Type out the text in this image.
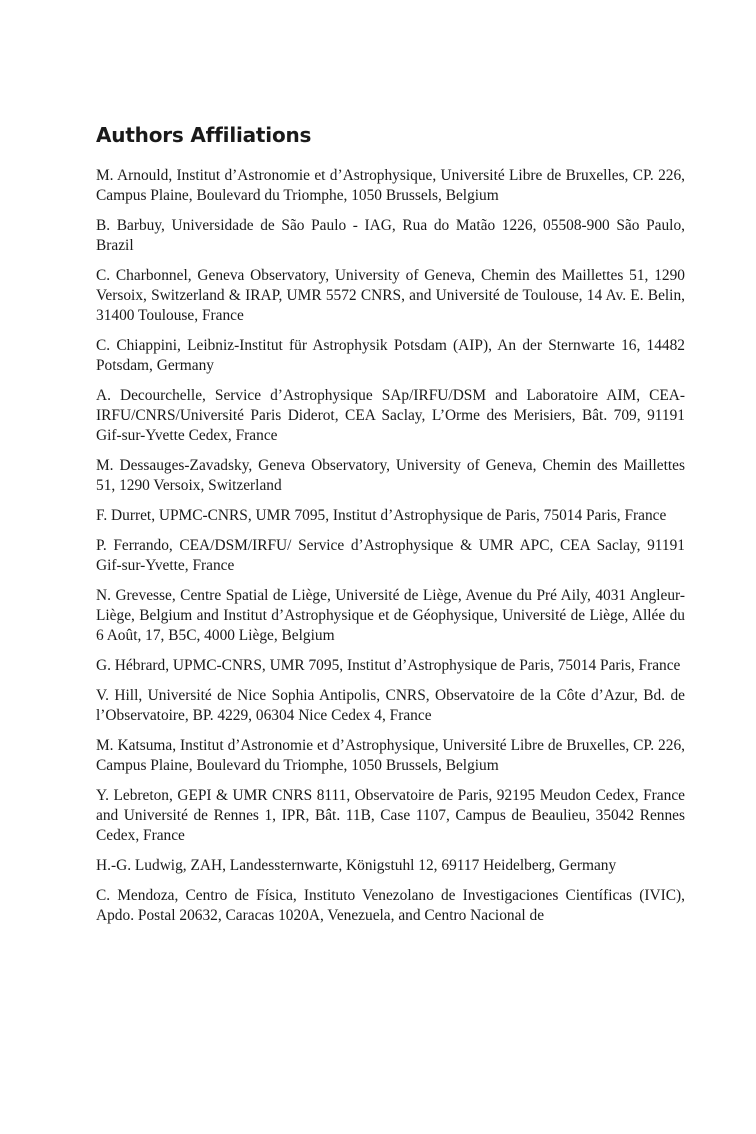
Authors Affiliations

M. Arnould, Institut d’Astronomie et d’Astrophysique, Université Libre de Bruxelles, CP. 226, Campus Plaine, Boulevard du Triomphe, 1050 Brussels, Belgium

B. Barbuy, Universidade de São Paulo - IAG, Rua do Matão 1226, 05508-900 São Paulo, Brazil

C. Charbonnel, Geneva Observatory, University of Geneva, Chemin des Maillettes 51, 1290 Versoix, Switzerland & IRAP, UMR 5572 CNRS, and Université de Toulouse, 14 Av. E. Belin, 31400 Toulouse, France

C. Chiappini, Leibniz-Institut für Astrophysik Potsdam (AIP), An der Sternwarte 16, 14482 Potsdam, Germany

A. Decourchelle, Service d’Astrophysique SAp/IRFU/DSM and Laboratoire AIM, CEA-IRFU/CNRS/Université Paris Diderot, CEA Saclay, L’Orme des Merisiers, Bât. 709, 91191 Gif-sur-Yvette Cedex, France

M. Dessauges-Zavadsky, Geneva Observatory, University of Geneva, Chemin des Maillettes 51, 1290 Versoix, Switzerland

F. Durret, UPMC-CNRS, UMR 7095, Institut d’Astrophysique de Paris, 75014 Paris, France

P. Ferrando, CEA/DSM/IRFU/ Service d’Astrophysique & UMR APC, CEA Saclay, 91191 Gif-sur-Yvette, France

N. Grevesse, Centre Spatial de Liège, Université de Liège, Avenue du Pré Aily, 4031 Angleur-Liège, Belgium and Institut d’Astrophysique et de Géophysique, Université de Liège, Allée du 6 Août, 17, B5C, 4000 Liège, Belgium

G. Hébrard, UPMC-CNRS, UMR 7095, Institut d’Astrophysique de Paris, 75014 Paris, France

V. Hill, Université de Nice Sophia Antipolis, CNRS, Observatoire de la Côte d’Azur, Bd. de l’Observatoire, BP. 4229, 06304 Nice Cedex 4, France

M. Katsuma, Institut d’Astronomie et d’Astrophysique, Université Libre de Bruxelles, CP. 226, Campus Plaine, Boulevard du Triomphe, 1050 Brussels, Belgium

Y. Lebreton, GEPI & UMR CNRS 8111, Observatoire de Paris, 92195 Meudon Cedex, France and Université de Rennes 1, IPR, Bât. 11B, Case 1107, Campus de Beaulieu, 35042 Rennes Cedex, France

H.-G. Ludwig, ZAH, Landessternwarte, Königstuhl 12, 69117 Heidelberg, Germany

C. Mendoza, Centro de Física, Instituto Venezolano de Investigaciones Científicas (IVIC), Apdo. Postal 20632, Caracas 1020A, Venezuela, and Centro Nacional de
